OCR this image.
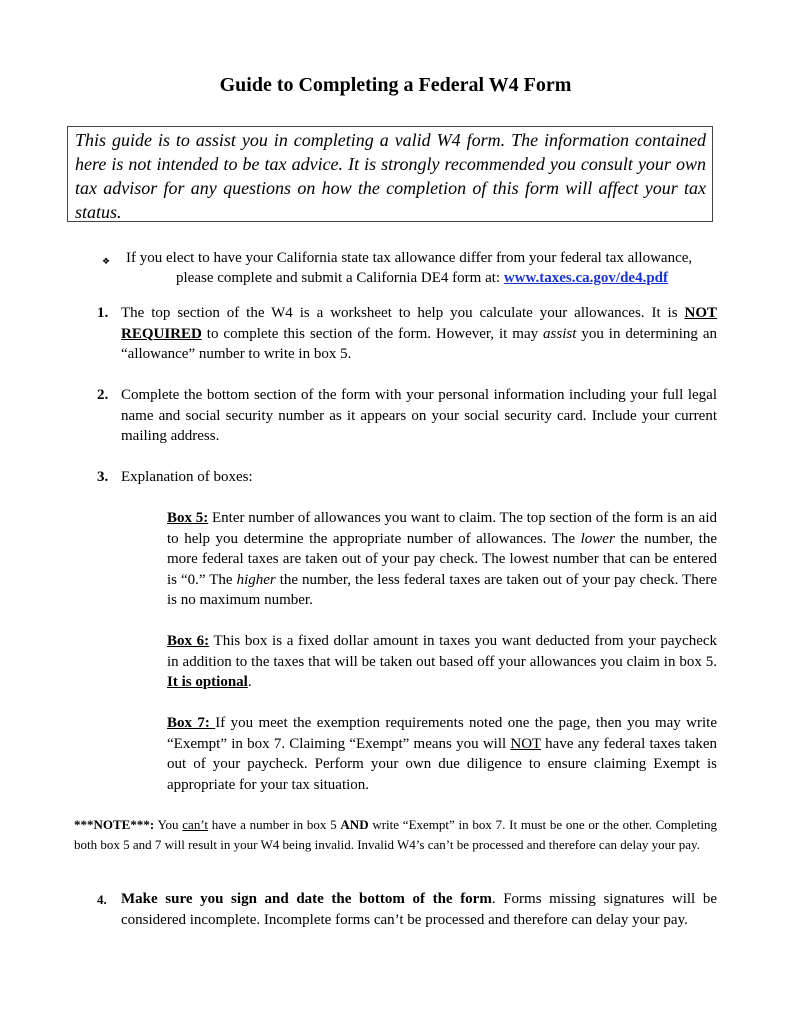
Guide to Completing a Federal W4 Form
This guide is to assist you in completing a valid W4 form. The information contained here is not intended to be tax advice. It is strongly recommended you consult your own tax advisor for any questions on how the completion of this form will affect your tax status.
❖	If you elect to have your California state tax allowance differ from your federal tax allowance,
please complete and submit a California DE4 form at: www.taxes.ca.gov/de4.pdf
1. The top section of the W4 is a worksheet to help you calculate your allowances. It is NOT REQUIRED to complete this section of the form. However, it may assist you in determining an “allowance” number to write in box 5.
2. Complete the bottom section of the form with your personal information including your full legal name and social security number as it appears on your social security card. Include your current mailing address.
3. Explanation of boxes:
Box 5: Enter number of allowances you want to claim. The top section of the form is an aid to help you determine the appropriate number of allowances. The lower the number, the more federal taxes are taken out of your pay check. The lowest number that can be entered is “0.” The higher the number, the less federal taxes are taken out of your pay check. There is no maximum number.
Box 6: This box is a fixed dollar amount in taxes you want deducted from your paycheck in addition to the taxes that will be taken out based off your allowances you claim in box 5. It is optional.
Box 7: If you meet the exemption requirements noted one the page, then you may write “Exempt” in box 7. Claiming “Exempt” means you will NOT have any federal taxes taken out of your paycheck. Perform your own due diligence to ensure claiming Exempt is appropriate for your tax situation.
***NOTE***: You can’t have a number in box 5 AND write “Exempt” in box 7. It must be one or the other. Completing both box 5 and 7 will result in your W4 being invalid. Invalid W4’s can’t be processed and therefore can delay your pay.
4. Make sure you sign and date the bottom of the form. Forms missing signatures will be considered incomplete. Incomplete forms can’t be processed and therefore can delay your pay.
